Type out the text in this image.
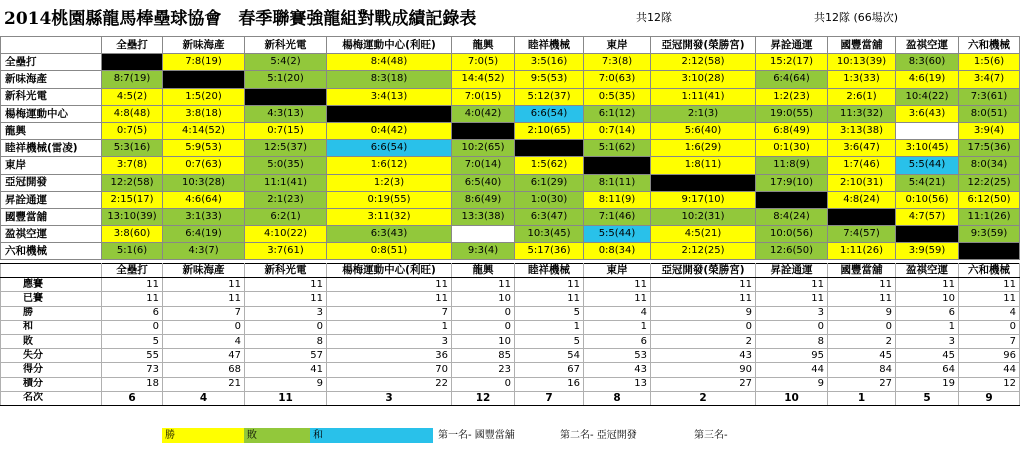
2014桃園縣龍馬棒壘球協會　春季聯賽強龍組對戰成績記錄表	共12隊	共12隊 (66場次)
	全壘打	新味海產	新科光電	楊梅運動中心(利旺)	龍興	睦祥機械	東岸	亞冠開發(榮勝宮)	昇詮通運	國豐當舖	盈祺空運	六和機械
全壘打		7:8(19)	5:4(2)	8:4(48)	7:0(5)	3:5(16)	7:3(8)	2:12(58)	15:2(17)	10:13(39)	8:3(60)	1:5(6)
新味海產	8:7(19)		5:1(20)	8:3(18)	14:4(52)	9:5(53)	7:0(63)	3:10(28)	6:4(64)	1:3(33)	4:6(19)	3:4(7)
新科光電	4:5(2)	1:5(20)		3:4(13)	7:0(15)	5:12(37)	0:5(35)	1:11(41)	1:2(23)	2:6(1)	10:4(22)	7:3(61)
楊梅運動中心	4:8(48)	3:8(18)	4:3(13)		4:0(42)	6:6(54)	6:1(12)	2:1(3)	19:0(55)	11:3(32)	3:6(43)	8:0(51)
龍興	0:7(5)	4:14(52)	0:7(15)	0:4(42)		2:10(65)	0:7(14)	5:6(40)	6:8(49)	3:13(38)		3:9(4)
睦祥機械(雷凌)	5:3(16)	5:9(53)	12:5(37)	6:6(54)	10:2(65)		5:1(62)	1:6(29)	0:1(30)	3:6(47)	3:10(45)	17:5(36)
東岸	3:7(8)	0:7(63)	5:0(35)	1:6(12)	7:0(14)	1:5(62)		1:8(11)	11:8(9)	1:7(46)	5:5(44)	8:0(34)
亞冠開發	12:2(58)	10:3(28)	11:1(41)	1:2(3)	6:5(40)	6:1(29)	8:1(11)		17:9(10)	2:10(31)	5:4(21)	12:2(25)
昇詮通運	2:15(17)	4:6(64)	2:1(23)	0:19(55)	8:6(49)	1:0(30)	8:11(9)	9:17(10)		4:8(24)	0:10(56)	6:12(50)
國豐當舖	13:10(39)	3:1(33)	6:2(1)	3:11(32)	13:3(38)	6:3(47)	7:1(46)	10:2(31)	8:4(24)		4:7(57)	11:1(26)
盈祺空運	3:8(60)	6:4(19)	4:10(22)	6:3(43)		10:3(45)	5:5(44)	4:5(21)	10:0(56)	7:4(57)		9:3(59)
六和機械	5:1(6)	4:3(7)	3:7(61)	0:8(51)	9:3(4)	5:17(36)	0:8(34)	2:12(25)	12:6(50)	1:11(26)	3:9(59)	
	全壘打	新味海產	新科光電	楊梅運動中心(利旺)	龍興	睦祥機械	東岸	亞冠開發(榮勝宮)	昇詮通運	國豐當舖	盈祺空運	六和機械
應賽	11	11	11	11	11	11	11	11	11	11	11	11
已賽	11	11	11	11	10	11	11	11	11	11	10	11
勝	6	7	3	7	0	5	4	9	3	9	6	4
和	0	0	0	1	0	1	1	0	0	0	1	0
敗	5	4	8	3	10	5	6	2	8	2	3	7
失分	55	47	57	36	85	54	53	43	95	45	45	96
得分	73	68	41	70	23	67	43	90	44	84	64	44
積分	18	21	9	22	0	16	13	27	9	27	19	12
名次	6	4	11	3	12	7	8	2	10	1	5	9
勝	敗	和	第一名- 國豐當舖	第二名- 亞冠開發	第三名-
